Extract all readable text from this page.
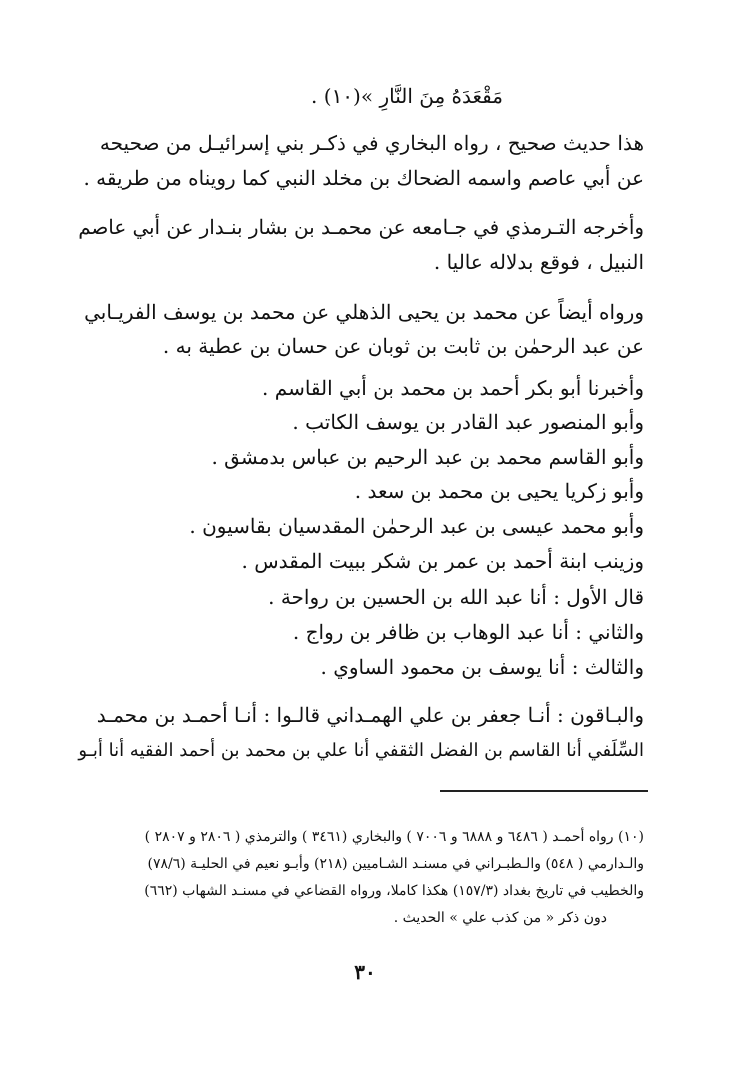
مَقْعَدَهُ مِنَ النَّارِ »(١٠) .
هذا حديث صحيح ، رواه البخاري في ذكـر بني إسرائيـل من صحيحه
عن أبي عاصم واسمه الضحاك بن مخلد النبي كما رويناه من طريقه .
وأخرجه التـرمذي في جـامعه عن محمـد بن بشار بنـدار عن أبي عاصم
النبيل ، فوقع بدلاله عاليا .
ورواه أيضاً عن محمد بن يحيى الذهلي عن محمد بن يوسف الفريـابي
عن عبد الرحمٰن بن ثابت بن ثوبان عن حسان بن عطية به .
وأخبرنا أبو بكر أحمد بن محمد بن أبي القاسم .
وأبو المنصور عبد القادر بن يوسف الكاتب .
وأبو القاسم محمد بن عبد الرحيم بن عباس بدمشق .
وأبو زكريا يحيى بن محمد بن سعد .
وأبو محمد عيسى بن عبد الرحمٰن المقدسيان بقاسيون .
وزينب ابنة أحمد بن عمر بن شكر ببيت المقدس .
قال الأول : أنا عبد الله بن الحسين بن رواحة .
والثاني : أنا عبد الوهاب بن ظافر بن رواج .
والثالث : أنا يوسف بن محمود الساوي .
والبـاقون : أنـا جعفر بن علي الهمـداني قالـوا : أنـا أحمـد بن محمـد
السِّلَفي أنا القاسم بن الفضل الثقفي أنا علي بن محمد بن أحمد الفقيه أنا أبـو
(١٠) رواه أحمـد ( ٦٤٨٦ و ٦٨٨٨ و ٧٠٠٦ ) والبخاري (٣٤٦١ ) والترمذي ( ٢٨٠٦ و ٢٨٠٧ )
والـدارمي ( ٥٤٨) والـطبـراني في مسنـد الشـاميين (٢١٨) وأبـو نعيم في الحليـة (٧٨/٦)
والخطيب في تاريخ بغداد (١٥٧/٣) هكذا كاملا، ورواه القضاعي في مسنـد الشهاب (٦٦٢)
دون ذكر « من كذب علي » الحديث .
٣٠
